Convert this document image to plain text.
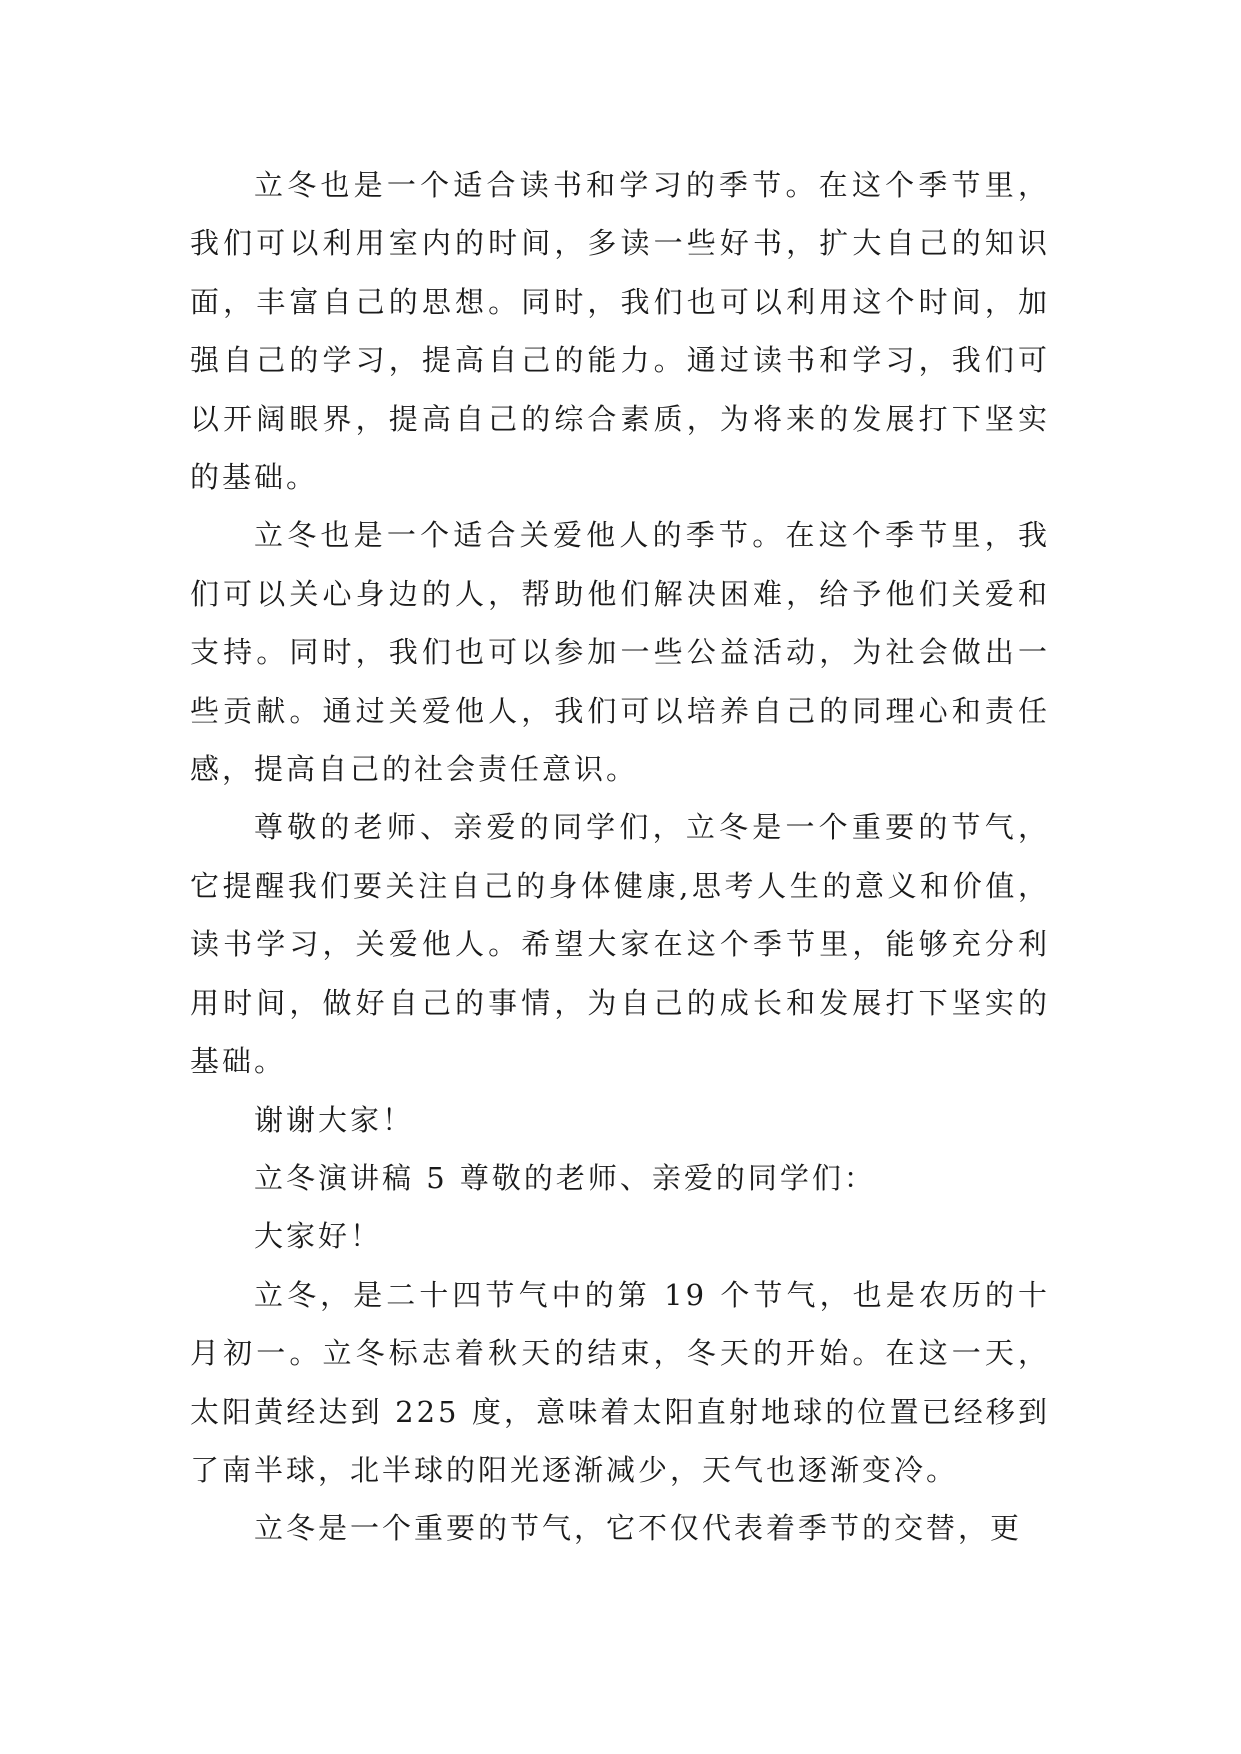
立冬也是一个适合读书和学习的季节。在这个季节里，我们可以利用室内的时间，多读一些好书，扩大自己的知识面，丰富自己的思想。同时，我们也可以利用这个时间，加强自己的学习，提高自己的能力。通过读书和学习，我们可以开阔眼界，提高自己的综合素质，为将来的发展打下坚实的基础。

立冬也是一个适合关爱他人的季节。在这个季节里，我们可以关心身边的人，帮助他们解决困难，给予他们关爱和支持。同时，我们也可以参加一些公益活动，为社会做出一些贡献。通过关爱他人，我们可以培养自己的同理心和责任感，提高自己的社会责任意识。

尊敬的老师、亲爱的同学们，立冬是一个重要的节气，它提醒我们要关注自己的身体健康,思考人生的意义和价值，读书学习，关爱他人。希望大家在这个季节里，能够充分利用时间，做好自己的事情，为自己的成长和发展打下坚实的基础。

谢谢大家！

立冬演讲稿 5 尊敬的老师、亲爱的同学们：

大家好！

立冬，是二十四节气中的第 19 个节气，也是农历的十月初一。立冬标志着秋天的结束，冬天的开始。在这一天，太阳黄经达到 225 度，意味着太阳直射地球的位置已经移到了南半球，北半球的阳光逐渐减少，天气也逐渐变冷。

立冬是一个重要的节气，它不仅代表着季节的交替，更
